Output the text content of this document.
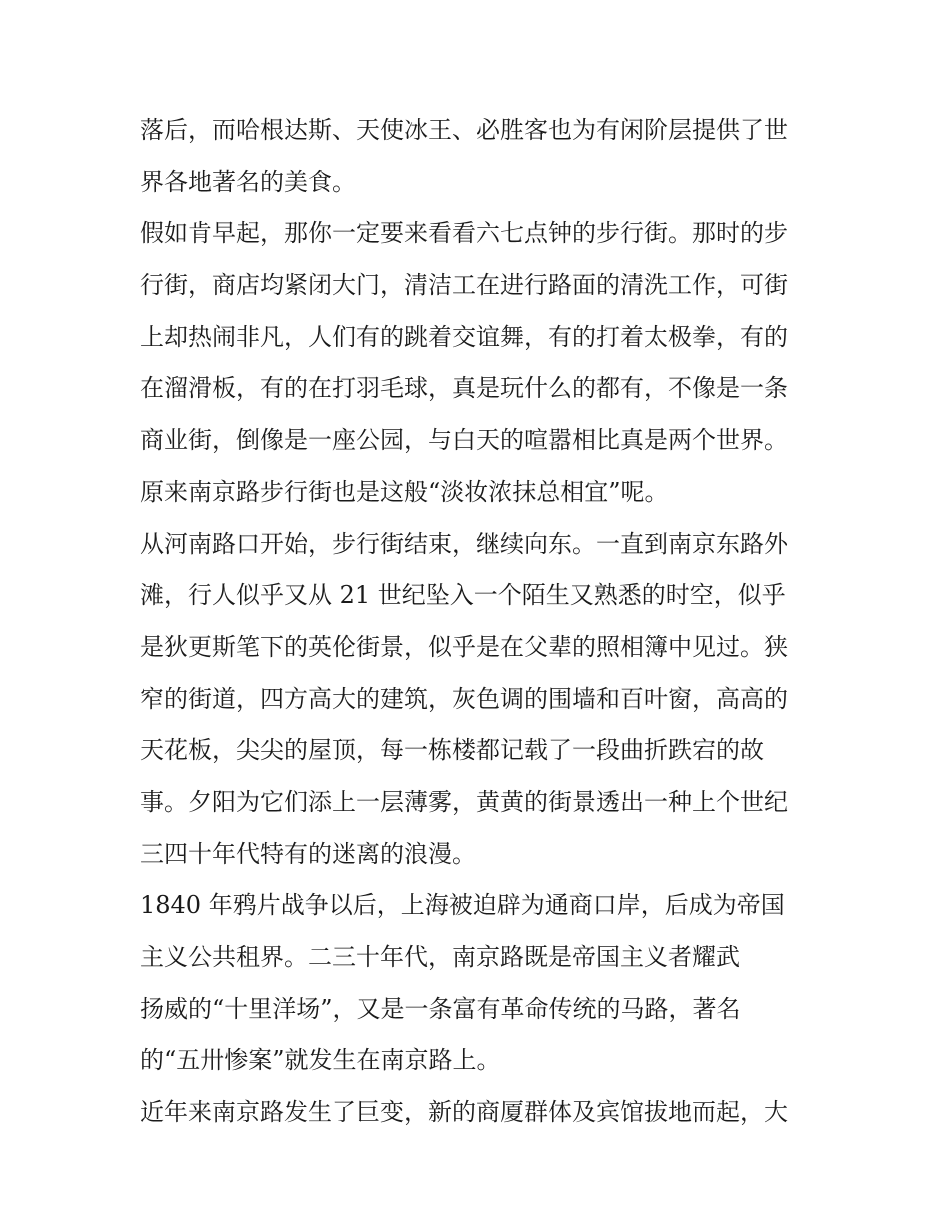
落后，而哈根达斯、天使冰王、必胜客也为有闲阶层提供了世
界各地著名的美食。
假如肯早起，那你一定要来看看六七点钟的步行街。那时的步
行街，商店均紧闭大门，清洁工在进行路面的清洗工作，可街
上却热闹非凡，人们有的跳着交谊舞，有的打着太极拳，有的
在溜滑板，有的在打羽毛球，真是玩什么的都有，不像是一条
商业街，倒像是一座公园，与白天的喧嚣相比真是两个世界。
原来南京路步行街也是这般“淡妆浓抹总相宜”呢。
从河南路口开始，步行街结束，继续向东。一直到南京东路外
滩，行人似乎又从 21 世纪坠入一个陌生又熟悉的时空，似乎
是狄更斯笔下的英伦街景，似乎是在父辈的照相簿中见过。狭
窄的街道，四方高大的建筑，灰色调的围墙和百叶窗，高高的
天花板，尖尖的屋顶，每一栋楼都记载了一段曲折跌宕的故
事。夕阳为它们添上一层薄雾，黄黄的街景透出一种上个世纪
三四十年代特有的迷离的浪漫。
1840 年鸦片战争以后，上海被迫辟为通商口岸，后成为帝国
主义公共租界。二三十年代，南京路既是帝国主义者耀武
扬威的“十里洋场”，又是一条富有革命传统的马路，著名
的“五卅惨案”就发生在南京路上。
近年来南京路发生了巨变，新的商厦群体及宾馆拔地而起，大
